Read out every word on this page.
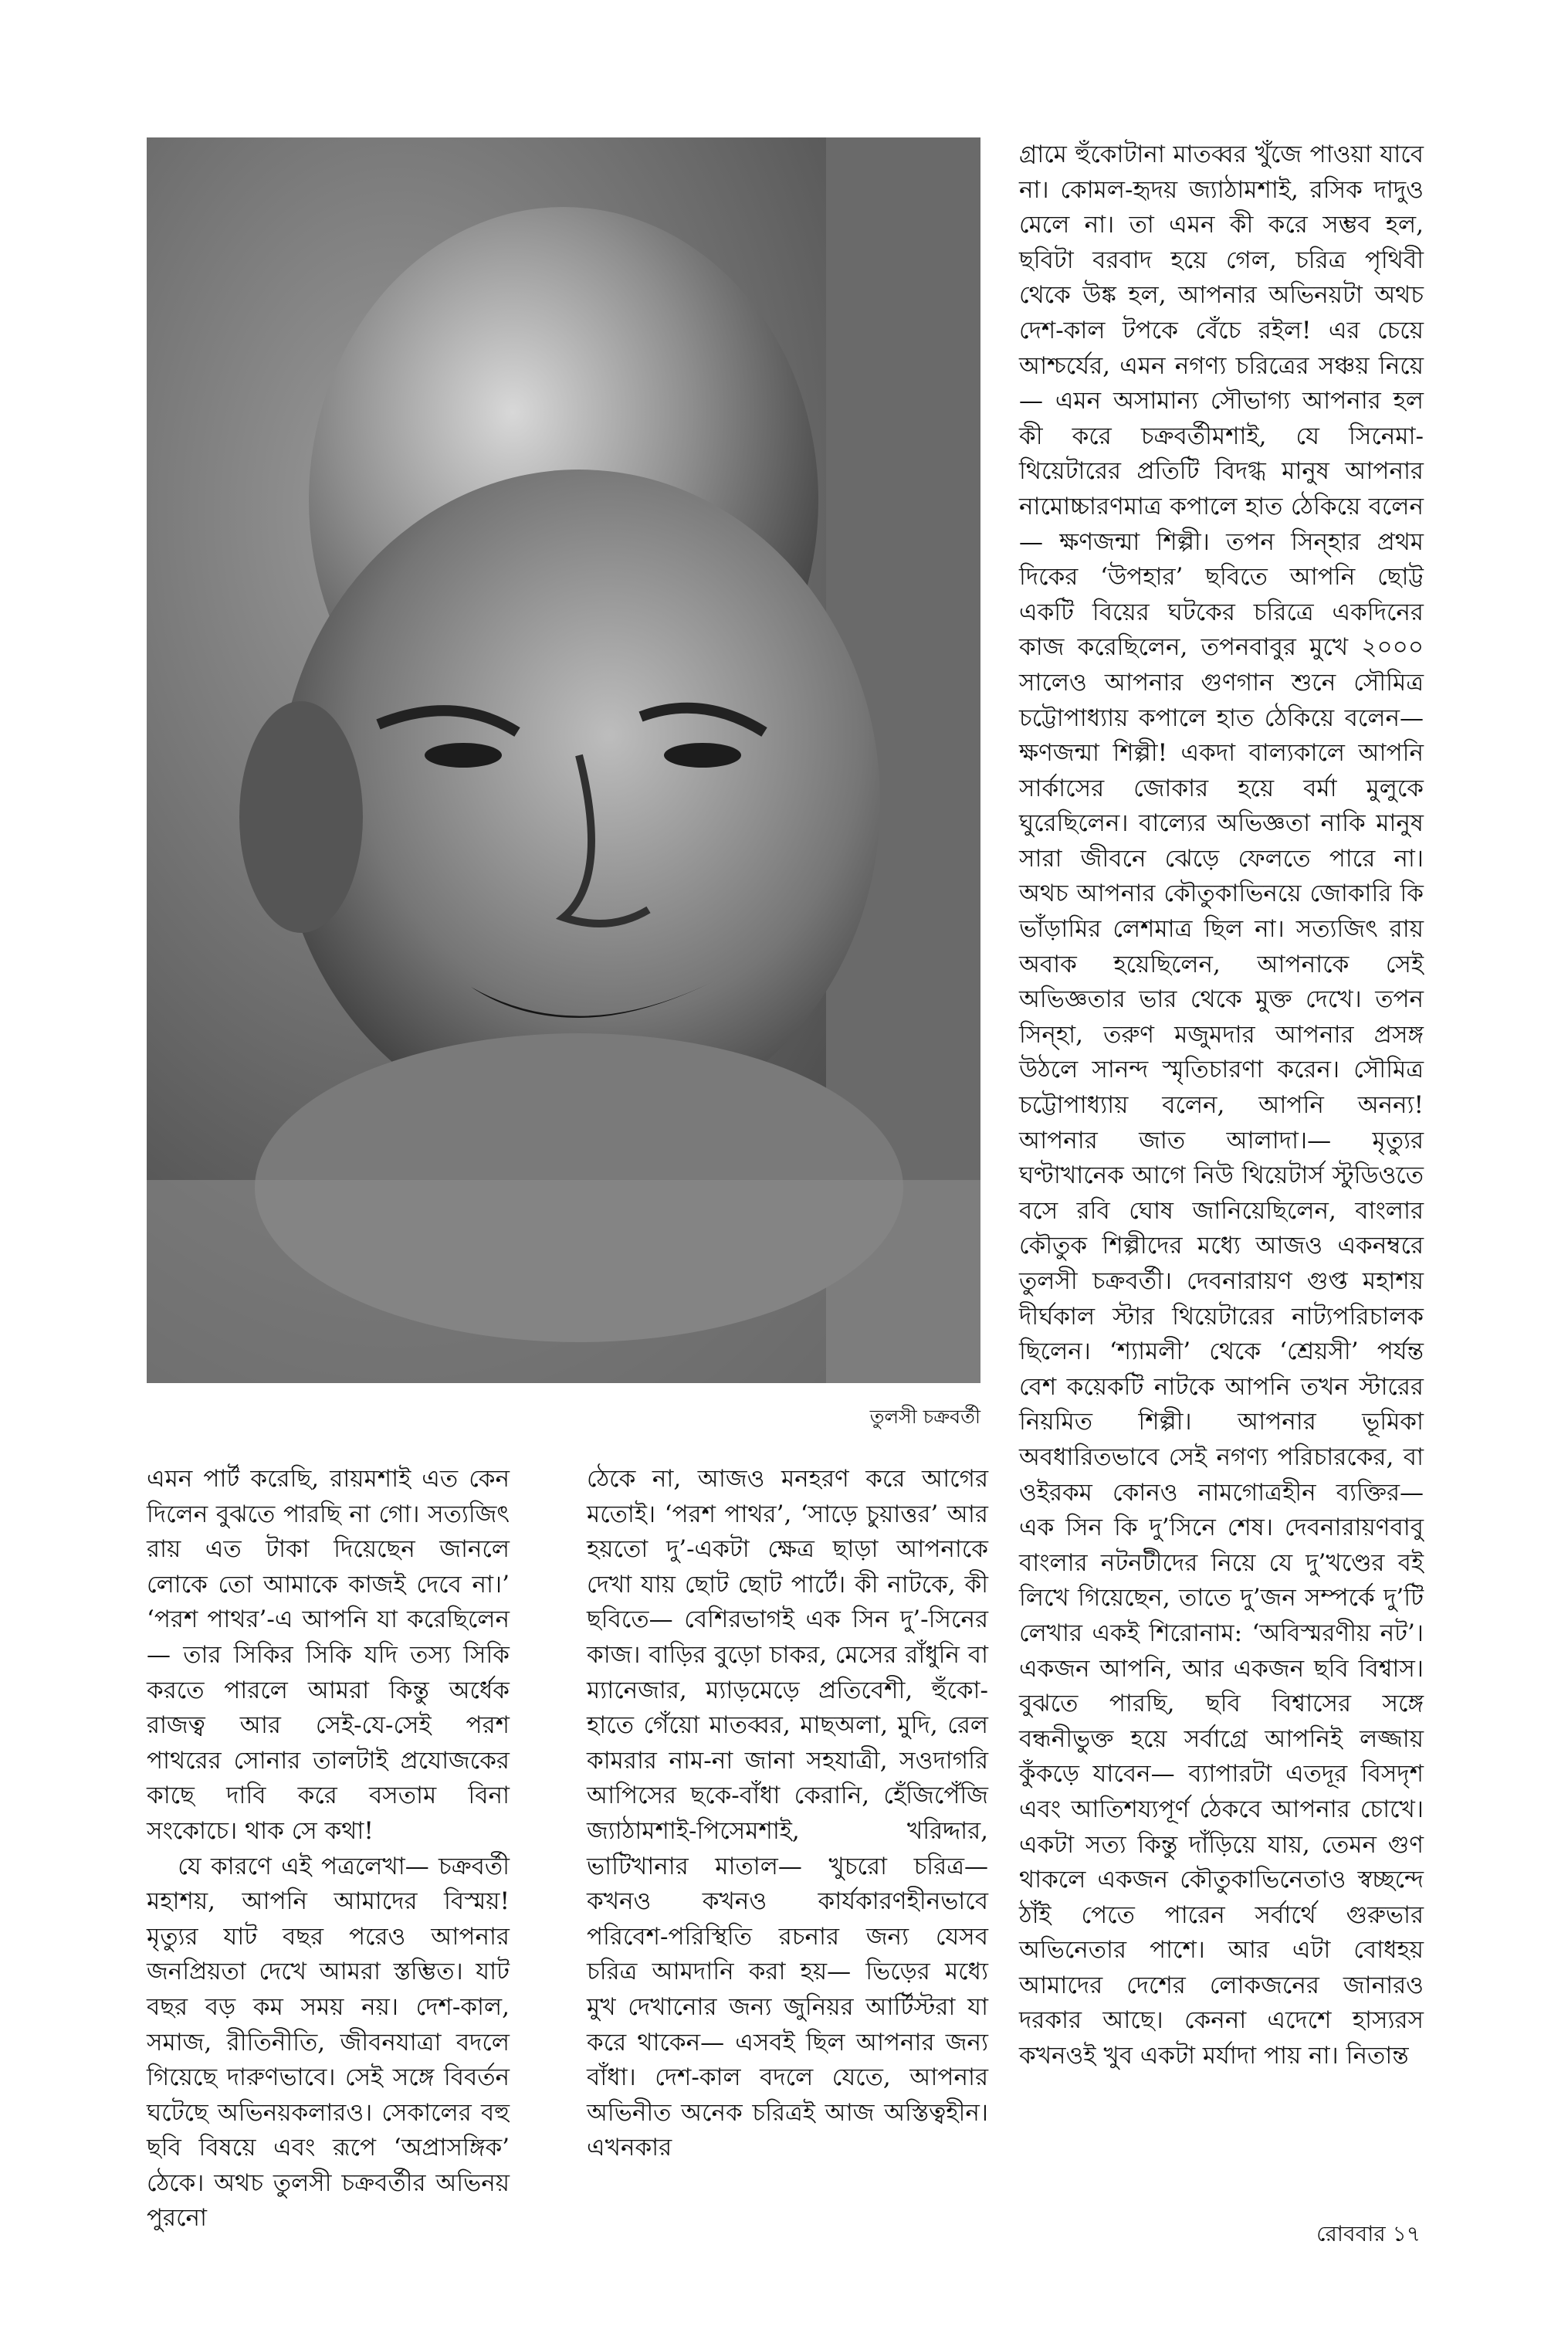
তুলসী চক্রবর্তী

গ্রামে হুঁকোটানা মাতব্বর খুঁজে পাওয়া যাবে না। কোমল-হৃদয় জ্যাঠামশাই, রসিক দাদুও মেলে না। তা এমন কী করে সম্ভব হল, ছবিটা বরবাদ হয়ে গেল, চরিত্র পৃথিবী থেকে উঙ্ক হল, আপনার অভিনয়টা অথচ দেশ-কাল টপকে বেঁচে রইল! এর চেয়ে আশ্চর্যের, এমন নগণ্য চরিত্রের সঞ্চয় নিয়ে— এমন অসামান্য সৌভাগ্য আপনার হল কী করে চক্রবর্তীমশাই, যে সিনেমা-থিয়েটারের প্রতিটি বিদগ্ধ মানুষ আপনার নামোচ্চারণমাত্র কপালে হাত ঠেকিয়ে বলেন— ক্ষণজন্মা শিল্পী। তপন সিন্‌হার প্রথম দিকের ‘উপহার’ ছবিতে আপনি ছোট্ট একটি বিয়ের ঘটকের চরিত্রে একদিনের কাজ করেছিলেন, তপনবাবুর মুখে ২০০০ সালেও আপনার গুণগান শুনে সৌমিত্র চট্টোপাধ্যায় কপালে হাত ঠেকিয়ে বলেন— ক্ষণজন্মা শিল্পী! একদা বাল্যকালে আপনি সার্কাসের জোকার হয়ে বর্মা মুলুকে ঘুরেছিলেন। বাল্যের অভিজ্ঞতা নাকি মানুষ সারা জীবনে ঝেড়ে ফেলতে পারে না। অথচ আপনার কৌতুকাভিনয়ে জোকারি কি ভাঁড়ামির লেশমাত্র ছিল না। সত্যজিৎ রায় অবাক হয়েছিলেন, আপনাকে সেই অভিজ্ঞতার ভার থেকে মুক্ত দেখে। তপন সিন্‌হা, তরুণ মজুমদার আপনার প্রসঙ্গ উঠলে সানন্দ স্মৃতিচারণা করেন। সৌমিত্র চট্টোপাধ্যায় বলেন, আপনি অনন্য! আপনার জাত আলাদা।— মৃত্যুর ঘণ্টাখানেক আগে নিউ থিয়েটার্স স্টুডিওতে বসে রবি ঘোষ জানিয়েছিলেন, বাংলার কৌতুক শিল্পীদের মধ্যে আজও একনম্বরে তুলসী চক্রবর্তী। দেবনারায়ণ গুপ্ত মহাশয় দীর্ঘকাল স্টার থিয়েটারের নাট্যপরিচালক ছিলেন। ‘শ্যামলী’ থেকে ‘শ্রেয়সী’ পর্যন্ত বেশ কয়েকটি নাটকে আপনি তখন স্টারের নিয়মিত শিল্পী। আপনার ভূমিকা অবধারিতভাবে সেই নগণ্য পরিচারকের, বা ওইরকম কোনও নামগোত্রহীন ব্যক্তির— এক সিন কি দু’সিনে শেষ। দেবনারায়ণবাবু বাংলার নটনটীদের নিয়ে যে দু’খণ্ডের বই লিখে গিয়েছেন, তাতে দু’জন সম্পর্কে দু’টি লেখার একই শিরোনাম: ‘অবিস্মরণীয় নট’। একজন আপনি, আর একজন ছবি বিশ্বাস। বুঝতে পারছি, ছবি বিশ্বাসের সঙ্গে বন্ধনীভুক্ত হয়ে সর্বাগ্রে আপনিই লজ্জায় কুঁকড়ে যাবেন— ব্যাপারটা এতদূর বিসদৃশ এবং আতিশয্যপূর্ণ ঠেকবে আপনার চোখে। একটা সত্য কিন্তু দাঁড়িয়ে যায়, তেমন গুণ থাকলে একজন কৌতুকাভিনেতাও স্বচ্ছন্দে ঠাঁই পেতে পারেন সর্বার্থে গুরুভার অভিনেতার পাশে। আর এটা বোধহয় আমাদের দেশের লোকজনের জানারও দরকার আছে। কেননা এদেশে হাস্যরস কখনওই খুব একটা মর্যাদা পায় না। নিতান্ত

এমন পার্ট করেছি, রায়মশাই এত কেন দিলেন বুঝতে পারছি না গো। সত্যজিৎ রায় এত টাকা দিয়েছেন জানলে লোকে তো আমাকে কাজই দেবে না।’ ‘পরশ পাথর’-এ আপনি যা করেছিলেন— তার সিকির সিকি যদি তস্য সিকি করতে পারলে আমরা কিন্তু অর্ধেক রাজত্ব আর সেই-যে-সেই পরশ পাথরের সোনার তালটাই প্রযোজকের কাছে দাবি করে বসতাম বিনা সংকোচে। থাক সে কথা!

যে কারণে এই পত্রলেখা— চক্রবর্তী মহাশয়, আপনি আমাদের বিস্ময়! মৃত্যুর যাট বছর পরেও আপনার জনপ্রিয়তা দেখে আমরা স্তম্ভিত। যাট বছর বড় কম সময় নয়। দেশ-কাল, সমাজ, রীতিনীতি, জীবনযাত্রা বদলে গিয়েছে দারুণভাবে। সেই সঙ্গে বিবর্তন ঘটেছে অভিনয়কলারও। সেকালের বহু ছবি বিষয়ে এবং রূপে ‘অপ্রাসঙ্গিক’ ঠেকে। অথচ তুলসী চক্রবর্তীর অভিনয় পুরনো

ঠেকে না, আজও মনহরণ করে আগের মতোই। ‘পরশ পাথর’, ‘সাড়ে চুয়াত্তর’ আর হয়তো দু’-একটা ক্ষেত্র ছাড়া আপনাকে দেখা যায় ছোট ছোট পার্টে। কী নাটকে, কী ছবিতে— বেশিরভাগই এক সিন দু’-সিনের কাজ। বাড়ির বুড়ো চাকর, মেসের রাঁধুনি বা ম্যানেজার, ম্যাড়মেড়ে প্রতিবেশী, হুঁকো-হাতে গেঁয়ো মাতব্বর, মাছঅলা, মুদি, রেল কামরার নাম-না জানা সহযাত্রী, সওদাগরি আপিসের ছকে-বাঁধা কেরানি, হেঁজিপেঁজি জ্যাঠামশাই-পিসেমশাই, খরিদ্দার, ভাটিখানার মাতাল— খুচরো চরিত্র— কখনও কখনও কার্যকারণহীনভাবে পরিবেশ-পরিস্থিতি রচনার জন্য যেসব চরিত্র আমদানি করা হয়— ভিড়ের মধ্যে মুখ দেখানোর জন্য জুনিয়র আর্টিস্টরা যা করে থাকেন— এসবই ছিল আপনার জন্য বাঁধা। দেশ-কাল বদলে যেতে, আপনার অভিনীত অনেক চরিত্রই আজ অস্তিত্বহীন। এখনকার

রোববার ১৭
